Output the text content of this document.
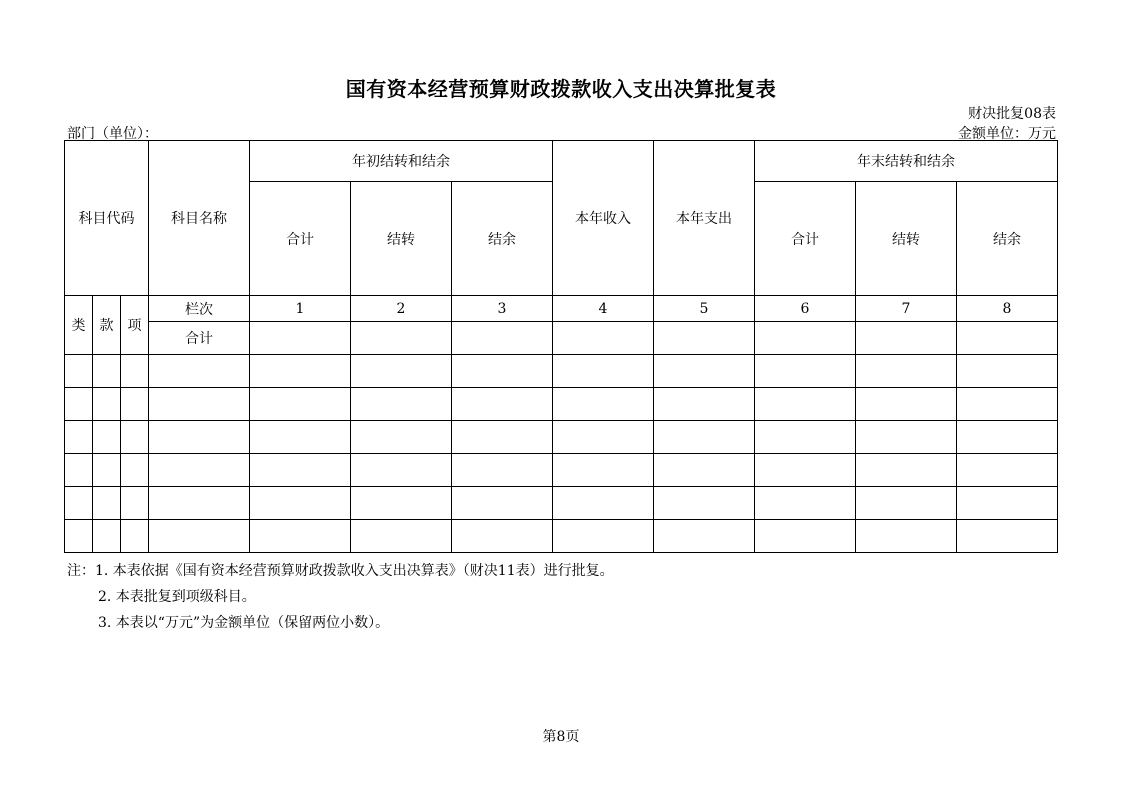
国有资本经营预算财政拨款收入支出决算批复表
财决批复08表
部门（单位）：	金额单位：万元
科目代码			科目名称	年初结转和结余			本年收入	本年支出	年末结转和结余		
				合计	结转	结余			合计	结转	结余
类	款	项	栏次	1	2	3	4	5	6	7	8
			合计								

注：1. 本表依据《国有资本经营预算财政拨款收入支出决算表》（财决11表）进行批复。
2. 本表批复到项级科目。
3. 本表以“万元”为金额单位（保留两位小数）。
第8页
